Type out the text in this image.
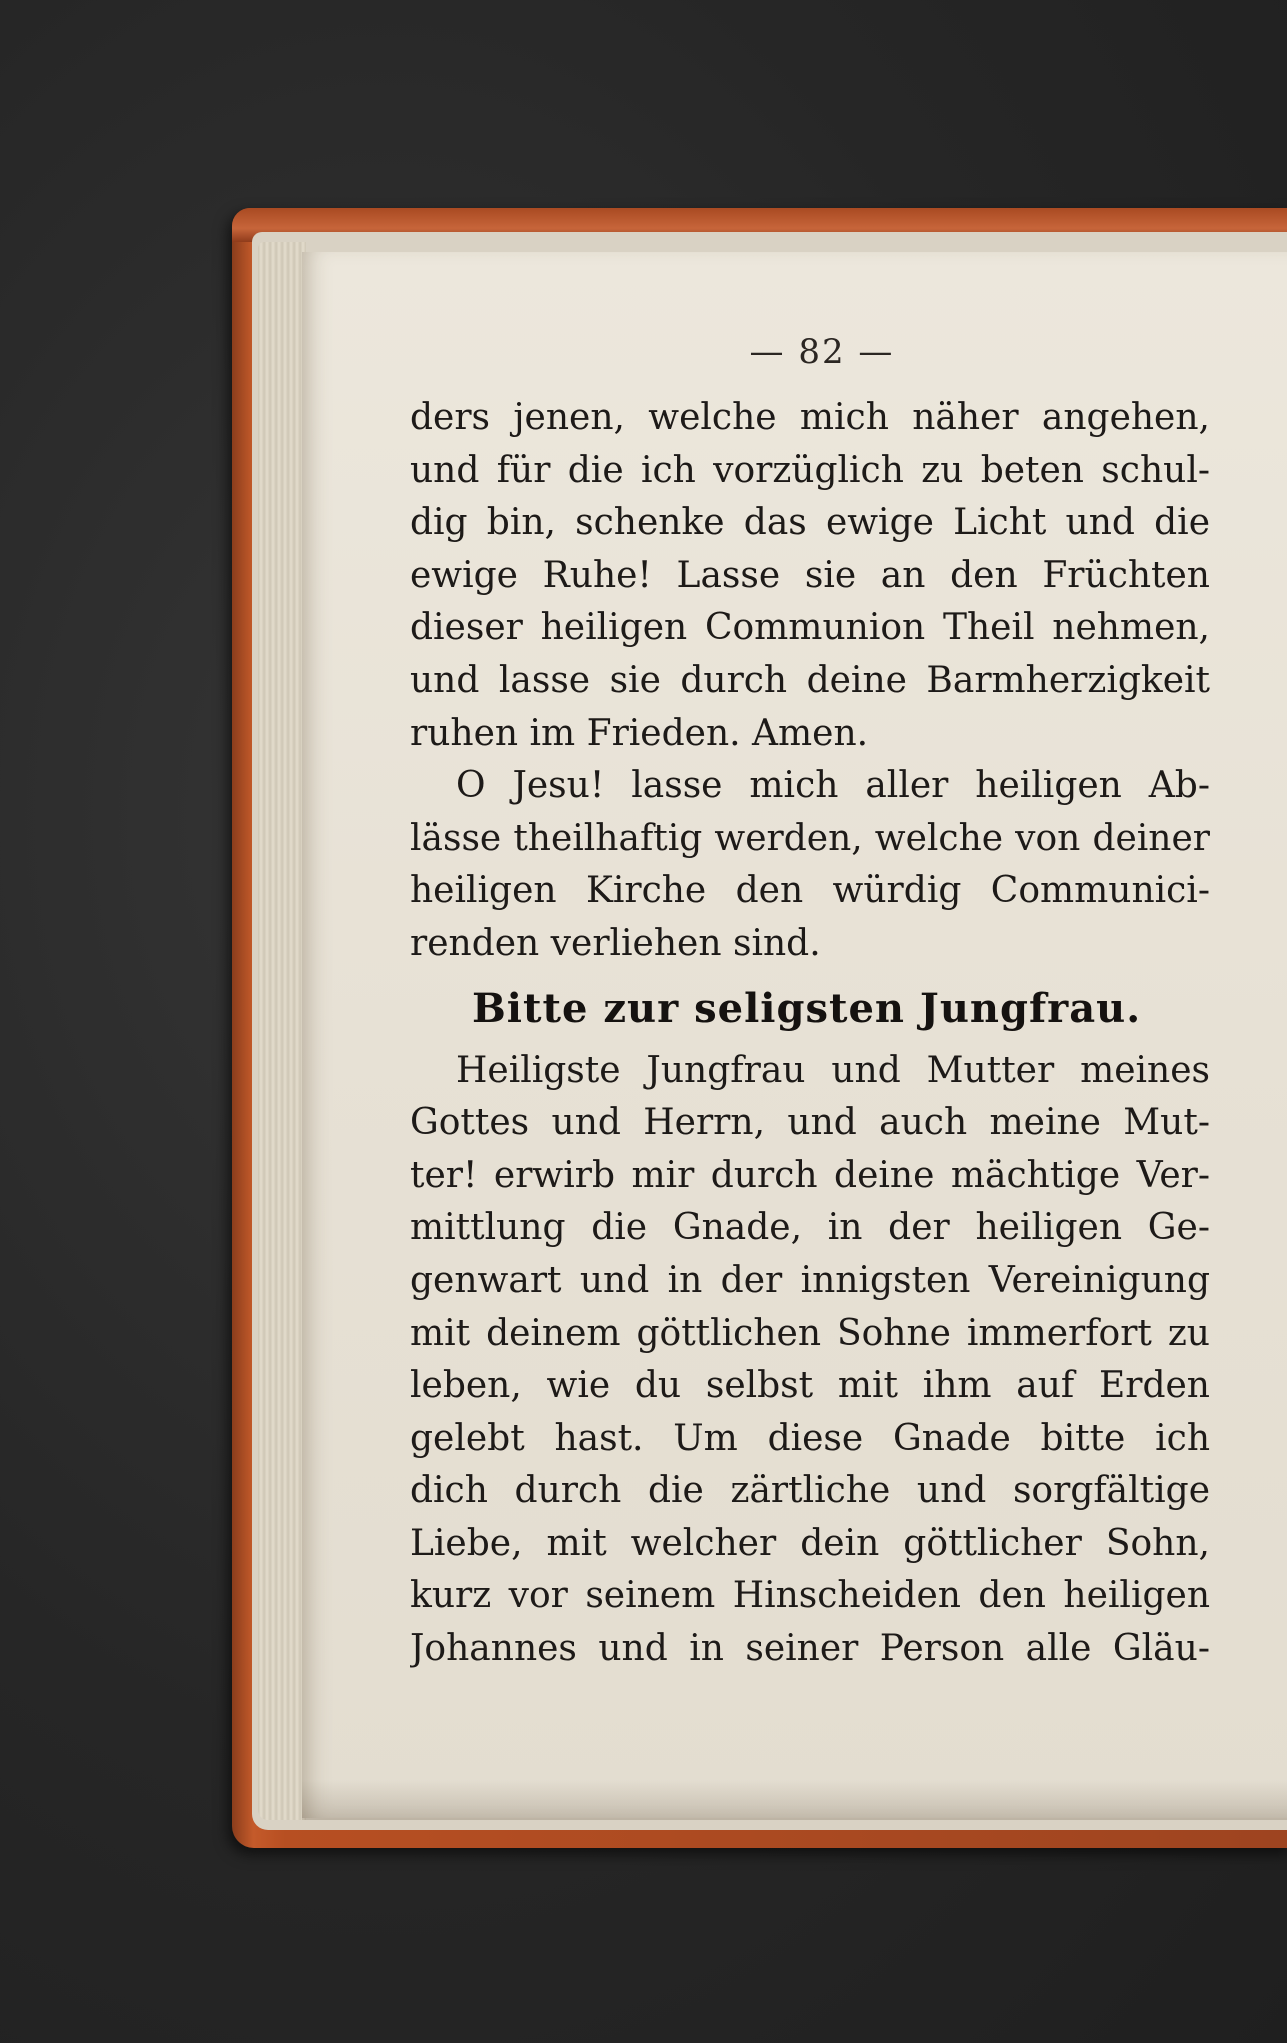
— 82 —
ders jenen, welche mich näher angehen,
und für die ich vorzüglich zu beten schul-
dig bin, schenke das ewige Licht und die
ewige Ruhe! Lasse sie an den Früchten
dieser heiligen Communion Theil nehmen,
und lasse sie durch deine Barmherzigkeit
ruhen im Frieden. Amen.
O Jesu! lasse mich aller heiligen Ab-
lässe theilhaftig werden, welche von deiner
heiligen Kirche den würdig Communici-
renden verliehen sind.
Bitte zur seligsten Jungfrau.
Heiligste Jungfrau und Mutter meines
Gottes und Herrn, und auch meine Mut-
ter! erwirb mir durch deine mächtige Ver-
mittlung die Gnade, in der heiligen Ge-
genwart und in der innigsten Vereinigung
mit deinem göttlichen Sohne immerfort zu
leben, wie du selbst mit ihm auf Erden
gelebt hast. Um diese Gnade bitte ich
dich durch die zärtliche und sorgfältige
Liebe, mit welcher dein göttlicher Sohn,
kurz vor seinem Hinscheiden den heiligen
Johannes und in seiner Person alle Gläu-
